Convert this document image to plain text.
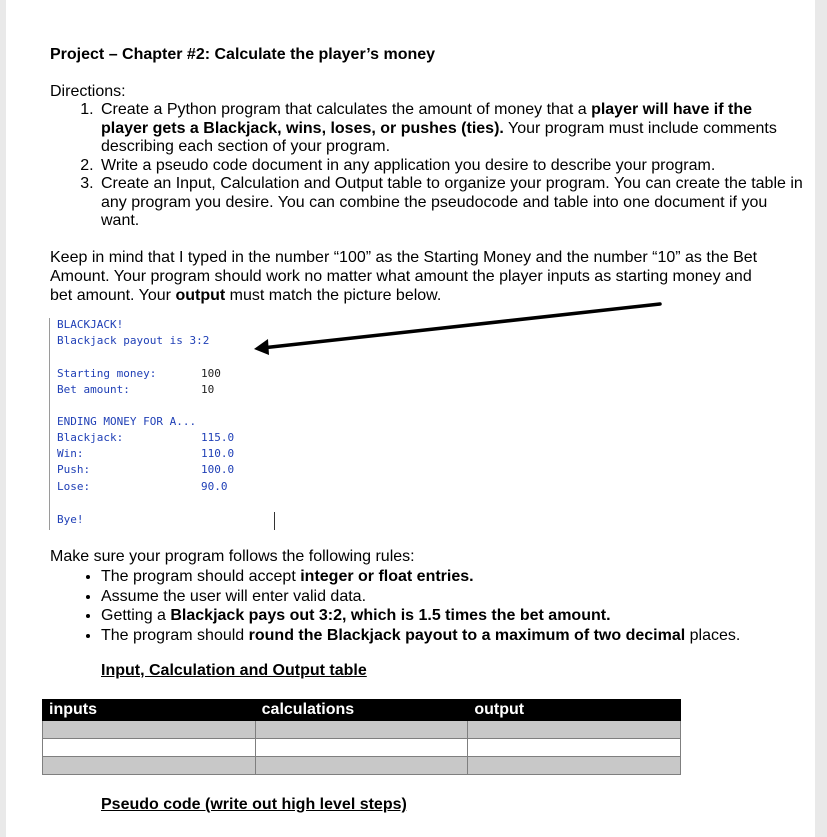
Project – Chapter #2: Calculate the player’s money
Directions:
1. Create a Python program that calculates the amount of money that a player will have if the player gets a Blackjack, wins, loses, or pushes (ties). Your program must include comments describing each section of your program.
2. Write a pseudo code document in any application you desire to describe your program.
3. Create an Input, Calculation and Output table to organize your program. You can create the table in any program you desire. You can combine the pseudocode and table into one document if you want.
Keep in mind that I typed in the number “100” as the Starting Money and the number “10” as the Bet Amount. Your program should work no matter what amount the player inputs as starting money and bet amount. Your output must match the picture below.
BLACKJACK!
Blackjack payout is 3:2
Starting money:	100
Bet amount:	10
ENDING MONEY FOR A...
Blackjack:	115.0
Win:	110.0
Push:	100.0
Lose:	90.0
Bye!
Make sure your program follows the following rules:
• The program should accept integer or float entries.
• Assume the user will enter valid data.
• Getting a Blackjack pays out 3:2, which is 1.5 times the bet amount.
• The program should round the Blackjack payout to a maximum of two decimal places.
Input, Calculation and Output table
inputs	calculations	output

Pseudo code (write out high level steps)
